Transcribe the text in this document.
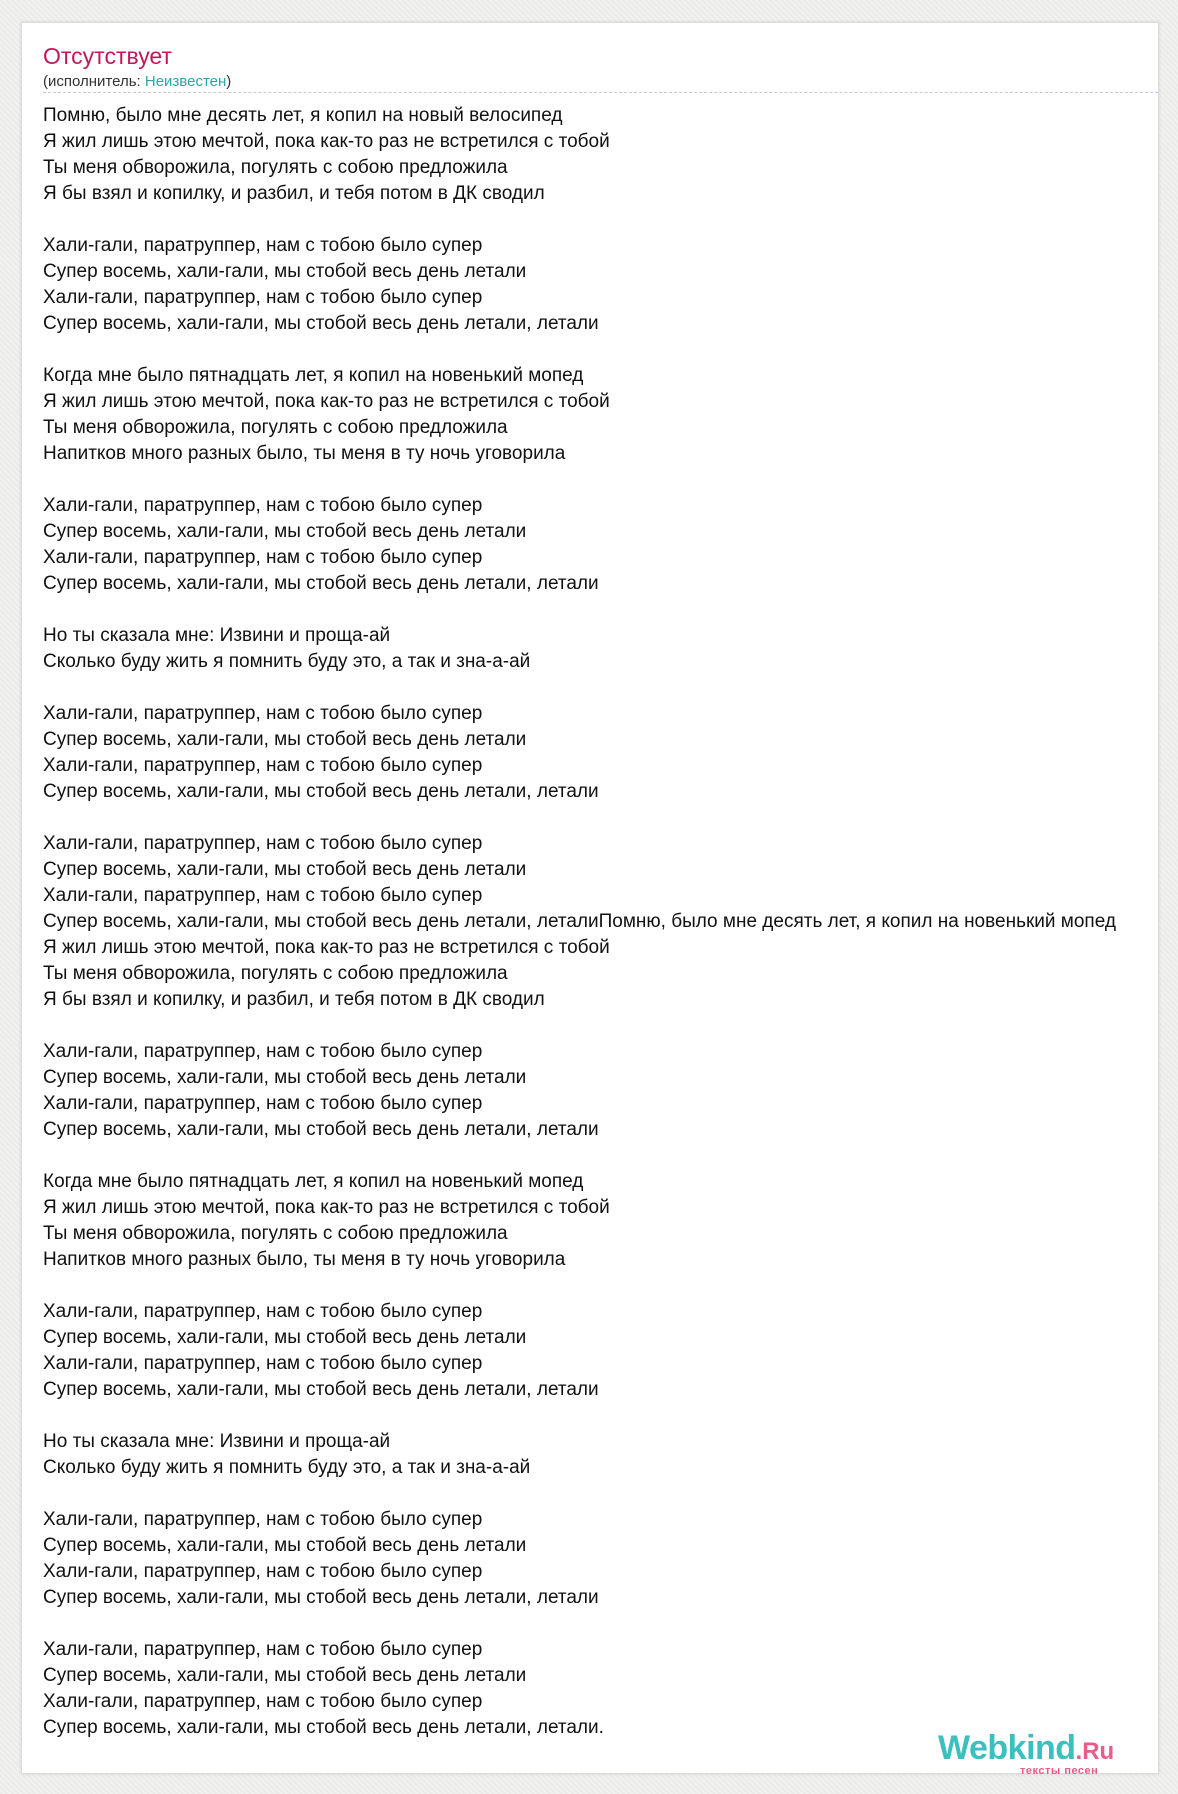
Отсутствует
(исполнитель: Неизвестен)
Помню, было мне десять лет, я копил на новый велосипед
Я жил лишь этою мечтой, пока как-то раз не встретился с тобой
Ты меня обворожила, погулять с собою предложила
Я бы взял и копилку, и разбил, и тебя потом в ДК сводил

Хали-гали, паратруппер, нам с тобою было супер
Супер восемь, хали-гали, мы стобой весь день летали
Хали-гали, паратруппер, нам с тобою было супер
Супер восемь, хали-гали, мы стобой весь день летали, летали

Когда мне было пятнадцать лет, я копил на новенький мопед
Я жил лишь этою мечтой, пока как-то раз не встретился с тобой
Ты меня обворожила, погулять с собою предложила
Напитков много разных было, ты меня в ту ночь уговорила

Хали-гали, паратруппер, нам с тобою было супер
Супер восемь, хали-гали, мы стобой весь день летали
Хали-гали, паратруппер, нам с тобою было супер
Супер восемь, хали-гали, мы стобой весь день летали, летали

Но ты сказала мне: Извини и проща-ай
Сколько буду жить я помнить буду это, а так и зна-а-ай

Хали-гали, паратруппер, нам с тобою было супер
Супер восемь, хали-гали, мы стобой весь день летали
Хали-гали, паратруппер, нам с тобою было супер
Супер восемь, хали-гали, мы стобой весь день летали, летали

Хали-гали, паратруппер, нам с тобою было супер
Супер восемь, хали-гали, мы стобой весь день летали
Хали-гали, паратруппер, нам с тобою было супер
Супер восемь, хали-гали, мы стобой весь день летали, леталиПомню, было мне десять лет, я копил на новенький мопед
Я жил лишь этою мечтой, пока как-то раз не встретился с тобой
Ты меня обворожила, погулять с собою предложила
Я бы взял и копилку, и разбил, и тебя потом в ДК сводил

Хали-гали, паратруппер, нам с тобою было супер
Супер восемь, хали-гали, мы стобой весь день летали
Хали-гали, паратруппер, нам с тобою было супер
Супер восемь, хали-гали, мы стобой весь день летали, летали

Когда мне было пятнадцать лет, я копил на новенький мопед
Я жил лишь этою мечтой, пока как-то раз не встретился с тобой
Ты меня обворожила, погулять с собою предложила
Напитков много разных было, ты меня в ту ночь уговорила

Хали-гали, паратруппер, нам с тобою было супер
Супер восемь, хали-гали, мы стобой весь день летали
Хали-гали, паратруппер, нам с тобою было супер
Супер восемь, хали-гали, мы стобой весь день летали, летали

Но ты сказала мне: Извини и проща-ай
Сколько буду жить я помнить буду это, а так и зна-а-ай

Хали-гали, паратруппер, нам с тобою было супер
Супер восемь, хали-гали, мы стобой весь день летали
Хали-гали, паратруппер, нам с тобою было супер
Супер восемь, хали-гали, мы стобой весь день летали, летали

Хали-гали, паратруппер, нам с тобою было супер
Супер восемь, хали-гали, мы стобой весь день летали
Хали-гали, паратруппер, нам с тобою было супер
Супер восемь, хали-гали, мы стобой весь день летали, летали.
Webkind.Ru
тексты песен
